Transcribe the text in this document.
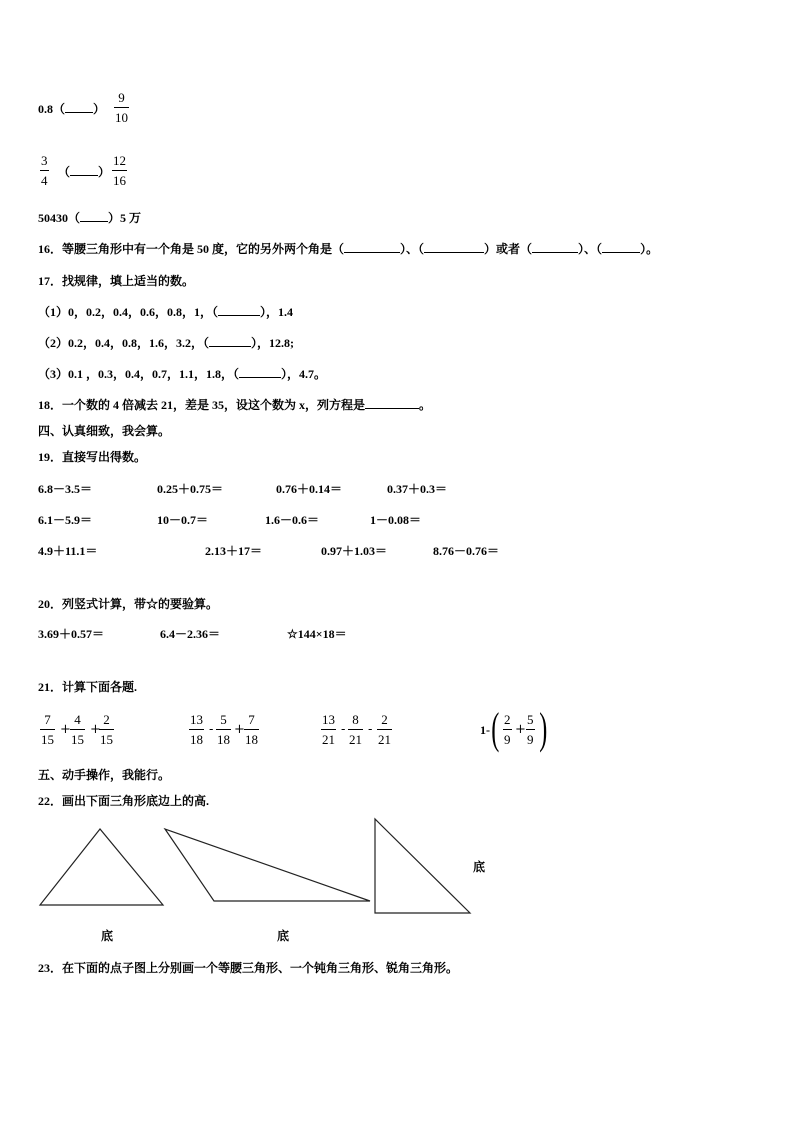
0.8（ ）
9
10
3
4
（ ）
12
16
50430（ ）5 万
16．等腰三角形中有一个角是 50 度，它的另外两个角是（	）、（	）或者（	）、（	）。
17．找规律，填上适当的数。
（1）0，0.2，0.4，0.6，0.8，1，（	），1.4
（2）0.2，0.4，0.8，1.6，3.2，（	），12.8;
（3）0.1 ，0.3，0.4，0.7，1.1，1.8，（	），4.7。
18．一个数的 4 倍减去 21，差是 35，设这个数为 x，列方程是	。
四、认真细致，我会算。
19．直接写出得数。
6.8－3.5＝	0.25＋0.75＝	0.76＋0.14＝	0.37＋0.3＝
6.1－5.9＝	10－0.7＝	1.6－0.6＝	1－0.08＝
4.9＋11.1＝	2.13＋17＝	0.97＋1.03＝	8.76－0.76＝
20．列竖式计算，带☆的要验算。
3.69＋0.57＝	6.4－2.36＝	☆144×18＝
21．计算下面各题.
7
15
+
4
15
+
2
15
13
18
-
5
18
+
7
18
13
21
-
8
21
-
2
21
1- ( 2
9
+
5
9 )
五、动手操作，我能行。
22．画出下面三角形底边上的高.
底	底
底
23．在下面的点子图上分别画一个等腰三角形、一个钝角三角形、锐角三角形。
